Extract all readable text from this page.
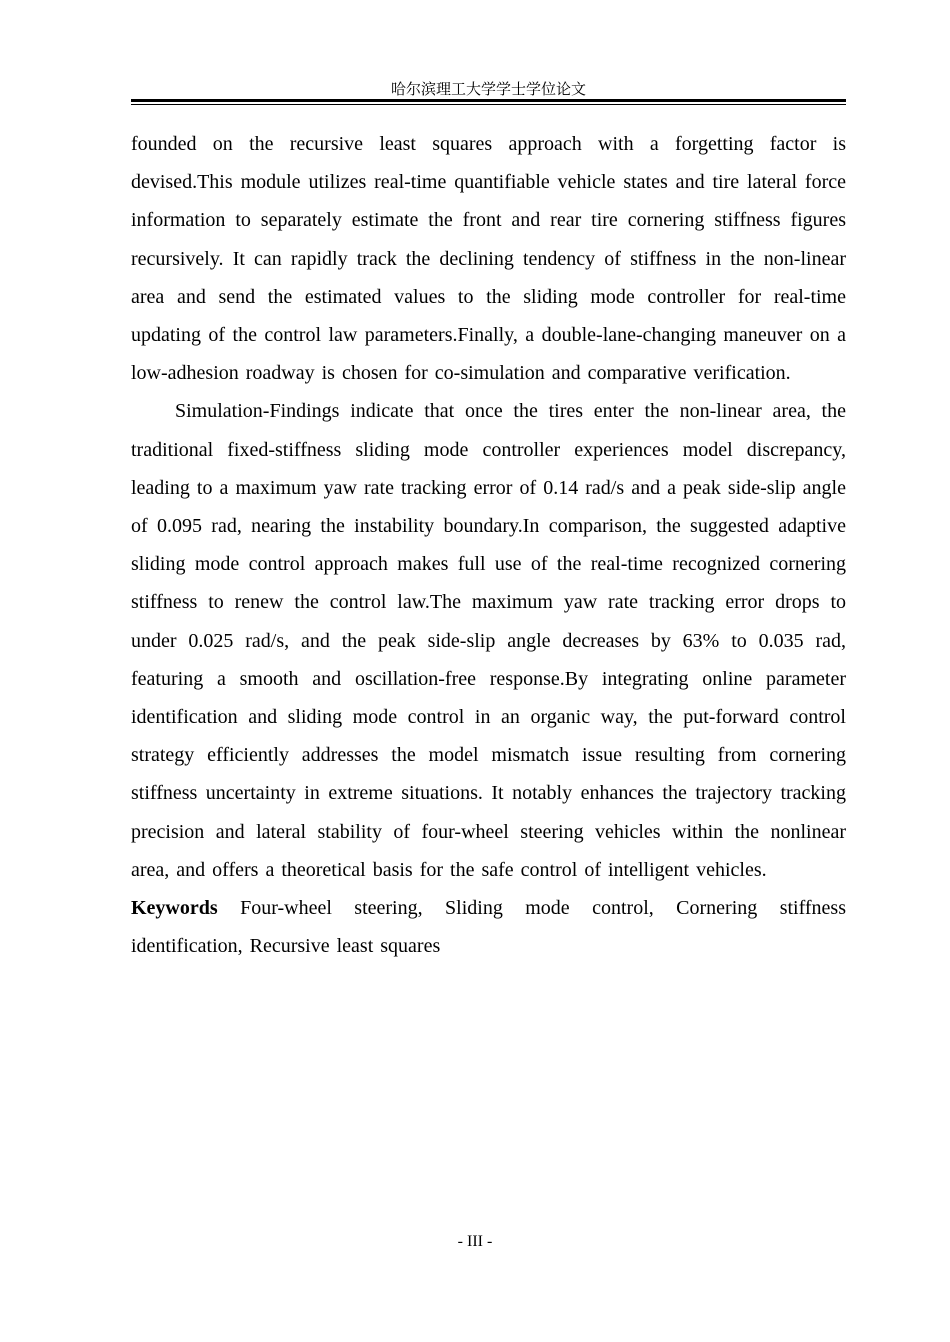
哈尔滨理工大学学士学位论文

founded on the recursive least squares approach with a forgetting factor is devised.This module utilizes real-time quantifiable vehicle states and tire lateral force information to separately estimate the front and rear tire cornering stiffness figures recursively. It can rapidly track the declining tendency of stiffness in the non-linear area and send the estimated values to the sliding mode controller for real-time updating of the control law parameters.Finally, a double-lane-changing maneuver on a low-adhesion roadway is chosen for co-simulation and comparative verification.

Simulation-Findings indicate that once the tires enter the non-linear area, the traditional fixed-stiffness sliding mode controller experiences model discrepancy, leading to a maximum yaw rate tracking error of 0.14 rad/s and a peak side-slip angle of 0.095 rad, nearing the instability boundary.In comparison, the suggested adaptive sliding mode control approach makes full use of the real-time recognized cornering stiffness to renew the control law.The maximum yaw rate tracking error drops to under 0.025 rad/s, and the peak side-slip angle decreases by 63% to 0.035 rad, featuring a smooth and oscillation-free response.By integrating online parameter identification and sliding mode control in an organic way, the put-forward control strategy efficiently addresses the model mismatch issue resulting from cornering stiffness uncertainty in extreme situations. It notably enhances the trajectory tracking precision and lateral stability of four-wheel steering vehicles within the nonlinear area, and offers a theoretical basis for the safe control of intelligent vehicles.

Keywords Four-wheel steering, Sliding mode control, Cornering stiffness identification, Recursive least squares

- III -
